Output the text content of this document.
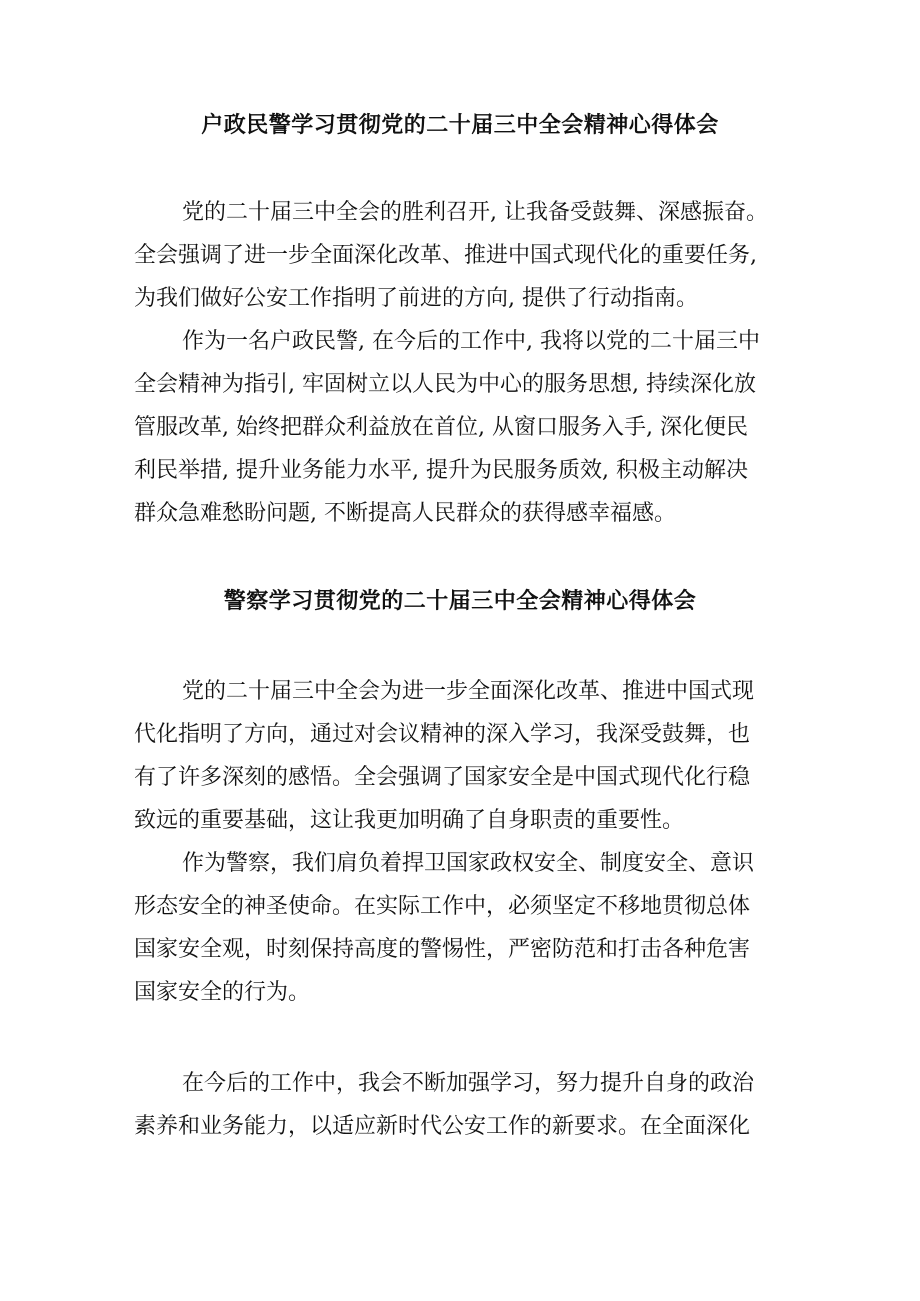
户政民警学习贯彻党的二十届三中全会精神心得体会
党的二十届三中全会的胜利召开, 让我备受鼓舞、深感振奋。
全会强调了进一步全面深化改革、推进中国式现代化的重要任务,
为我们做好公安工作指明了前进的方向, 提供了行动指南。
作为一名户政民警, 在今后的工作中, 我将以党的二十届三中
全会精神为指引, 牢固树立以人民为中心的服务思想, 持续深化放
管服改革, 始终把群众利益放在首位, 从窗口服务入手, 深化便民
利民举措, 提升业务能力水平, 提升为民服务质效, 积极主动解决
群众急难愁盼问题, 不断提高人民群众的获得感幸福感。
警察学习贯彻党的二十届三中全会精神心得体会
党的二十届三中全会为进一步全面深化改革、推进中国式现
代化指明了方向，通过对会议精神的深入学习，我深受鼓舞，也
有了许多深刻的感悟。全会强调了国家安全是中国式现代化行稳
致远的重要基础，这让我更加明确了自身职责的重要性。
作为警察，我们肩负着捍卫国家政权安全、制度安全、意识
形态安全的神圣使命。在实际工作中，必须坚定不移地贯彻总体
国家安全观，时刻保持高度的警惕性，严密防范和打击各种危害
国家安全的行为。
在今后的工作中，我会不断加强学习，努力提升自身的政治
素养和业务能力，以适应新时代公安工作的新要求。在全面深化
